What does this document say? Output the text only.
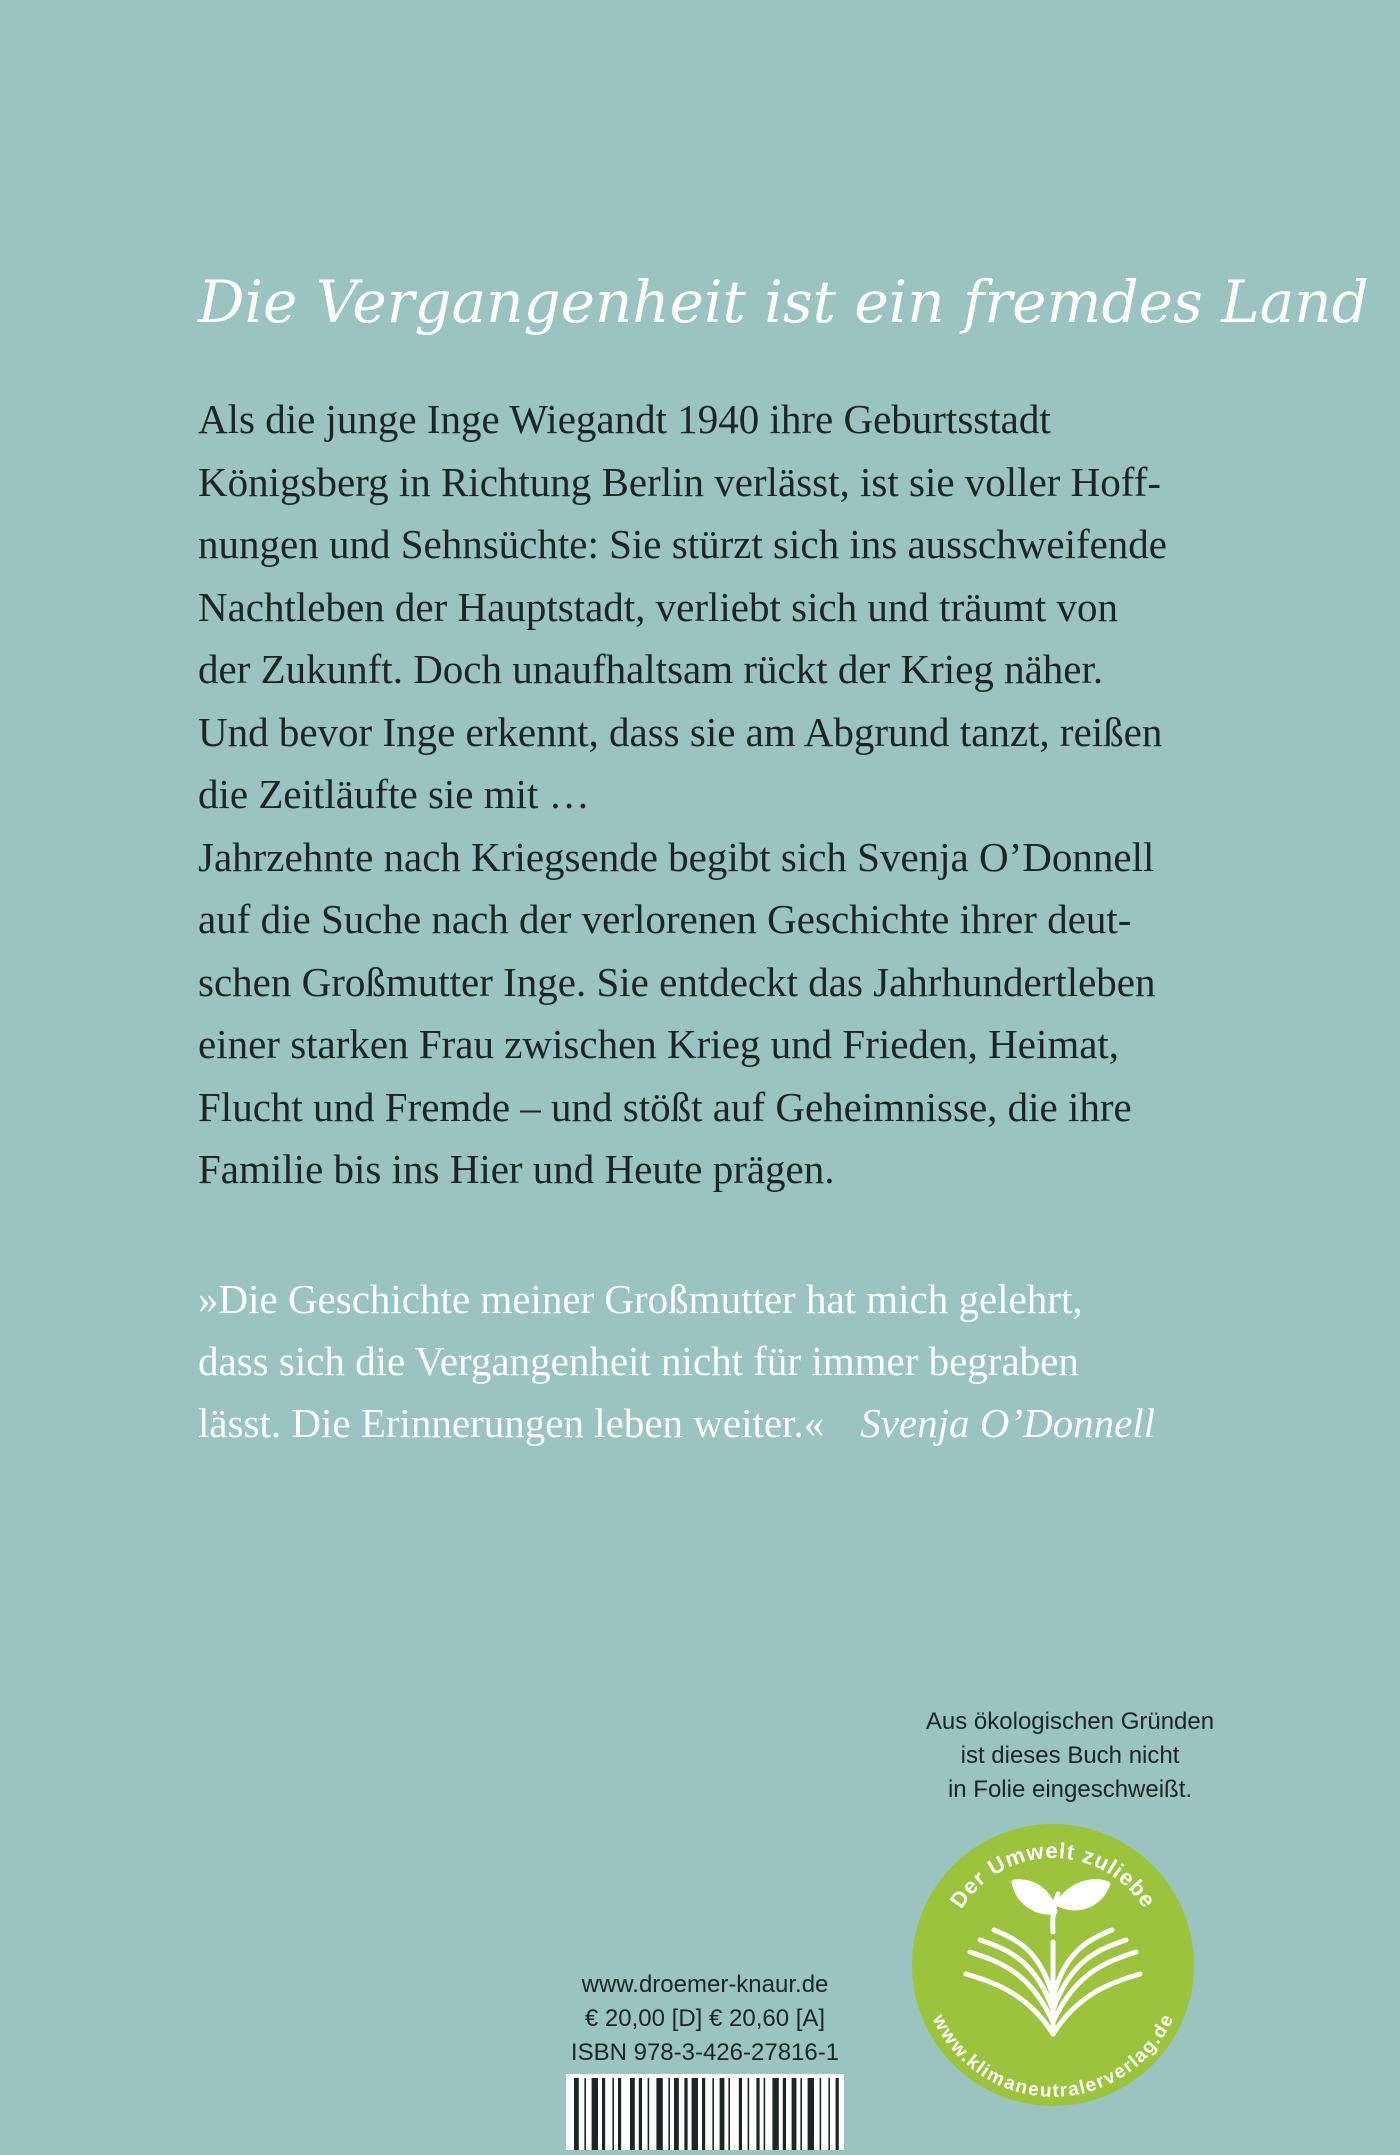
Die Vergangenheit ist ein fremdes Land
Als die junge Inge Wiegandt 1940 ihre Geburtsstadt
Königsberg in Richtung Berlin verlässt, ist sie voller Hoff-
nungen und Sehnsüchte: Sie stürzt sich ins ausschweifende
Nachtleben der Hauptstadt, verliebt sich und träumt von
der Zukunft. Doch unaufhaltsam rückt der Krieg näher.
Und bevor Inge erkennt, dass sie am Abgrund tanzt, reißen
die Zeitläufte sie mit …
Jahrzehnte nach Kriegsende begibt sich Svenja O’Donnell
auf die Suche nach der verlorenen Geschichte ihrer deut-
schen Großmutter Inge. Sie entdeckt das Jahrhundertleben
einer starken Frau zwischen Krieg und Frieden, Heimat,
Flucht und Fremde – und stößt auf Geheimnisse, die ihre
Familie bis ins Hier und Heute prägen.
»Die Geschichte meiner Großmutter hat mich gelehrt,
dass sich die Vergangenheit nicht für immer begraben
lässt. Die Erinnerungen leben weiter.« Svenja O’Donnell
Aus ökologischen Gründen
ist dieses Buch nicht
in Folie eingeschweißt.
Der Umwelt zuliebe
www.klimaneutralerverlag.de
www.droemer-knaur.de
€ 20,00 [D] € 20,60 [A]
ISBN 978-3-426-27816-1
